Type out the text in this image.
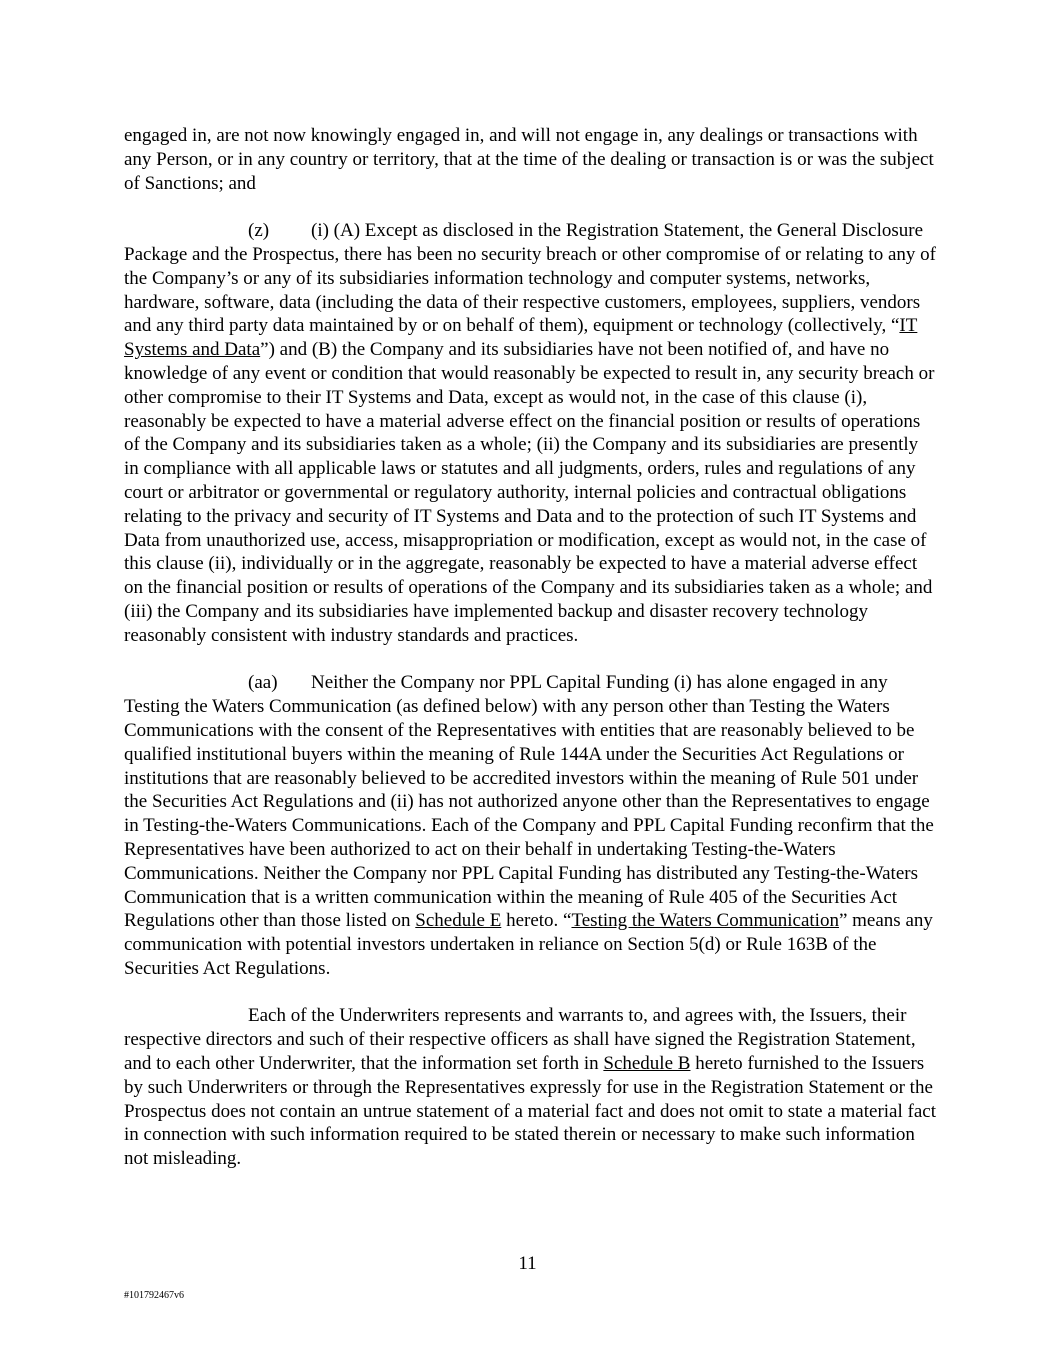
engaged in, are not now knowingly engaged in, and will not engage in, any dealings or transactions with any Person, or in any country or territory, that at the time of the dealing or transaction is or was the subject of Sanctions; and

(z) (i) (A) Except as disclosed in the Registration Statement, the General Disclosure Package and the Prospectus, there has been no security breach or other compromise of or relating to any of the Company’s or any of its subsidiaries information technology and computer systems, networks, hardware, software, data (including the data of their respective customers, employees, suppliers, vendors and any third party data maintained by or on behalf of them), equipment or technology (collectively, “IT Systems and Data”) and (B) the Company and its subsidiaries have not been notified of, and have no knowledge of any event or condition that would reasonably be expected to result in, any security breach or other compromise to their IT Systems and Data, except as would not, in the case of this clause (i), reasonably be expected to have a material adverse effect on the financial position or results of operations of the Company and its subsidiaries taken as a whole; (ii) the Company and its subsidiaries are presently in compliance with all applicable laws or statutes and all judgments, orders, rules and regulations of any court or arbitrator or governmental or regulatory authority, internal policies and contractual obligations relating to the privacy and security of IT Systems and Data and to the protection of such IT Systems and Data from unauthorized use, access, misappropriation or modification, except as would not, in the case of this clause (ii), individually or in the aggregate, reasonably be expected to have a material adverse effect on the financial position or results of operations of the Company and its subsidiaries taken as a whole; and (iii) the Company and its subsidiaries have implemented backup and disaster recovery technology reasonably consistent with industry standards and practices.

(aa) Neither the Company nor PPL Capital Funding (i) has alone engaged in any Testing the Waters Communication (as defined below) with any person other than Testing the Waters Communications with the consent of the Representatives with entities that are reasonably believed to be qualified institutional buyers within the meaning of Rule 144A under the Securities Act Regulations or institutions that are reasonably believed to be accredited investors within the meaning of Rule 501 under the Securities Act Regulations and (ii) has not authorized anyone other than the Representatives to engage in Testing-the-Waters Communications. Each of the Company and PPL Capital Funding reconfirm that the Representatives have been authorized to act on their behalf in undertaking Testing-the-Waters Communications. Neither the Company nor PPL Capital Funding has distributed any Testing-the-Waters Communication that is a written communication within the meaning of Rule 405 of the Securities Act Regulations other than those listed on Schedule E hereto. “Testing the Waters Communication” means any communication with potential investors undertaken in reliance on Section 5(d) or Rule 163B of the Securities Act Regulations.

Each of the Underwriters represents and warrants to, and agrees with, the Issuers, their respective directors and such of their respective officers as shall have signed the Registration Statement, and to each other Underwriter, that the information set forth in Schedule B hereto furnished to the Issuers by such Underwriters or through the Representatives expressly for use in the Registration Statement or the Prospectus does not contain an untrue statement of a material fact and does not omit to state a material fact in connection with such information required to be stated therein or necessary to make such information not misleading.

11
#101792467v6
